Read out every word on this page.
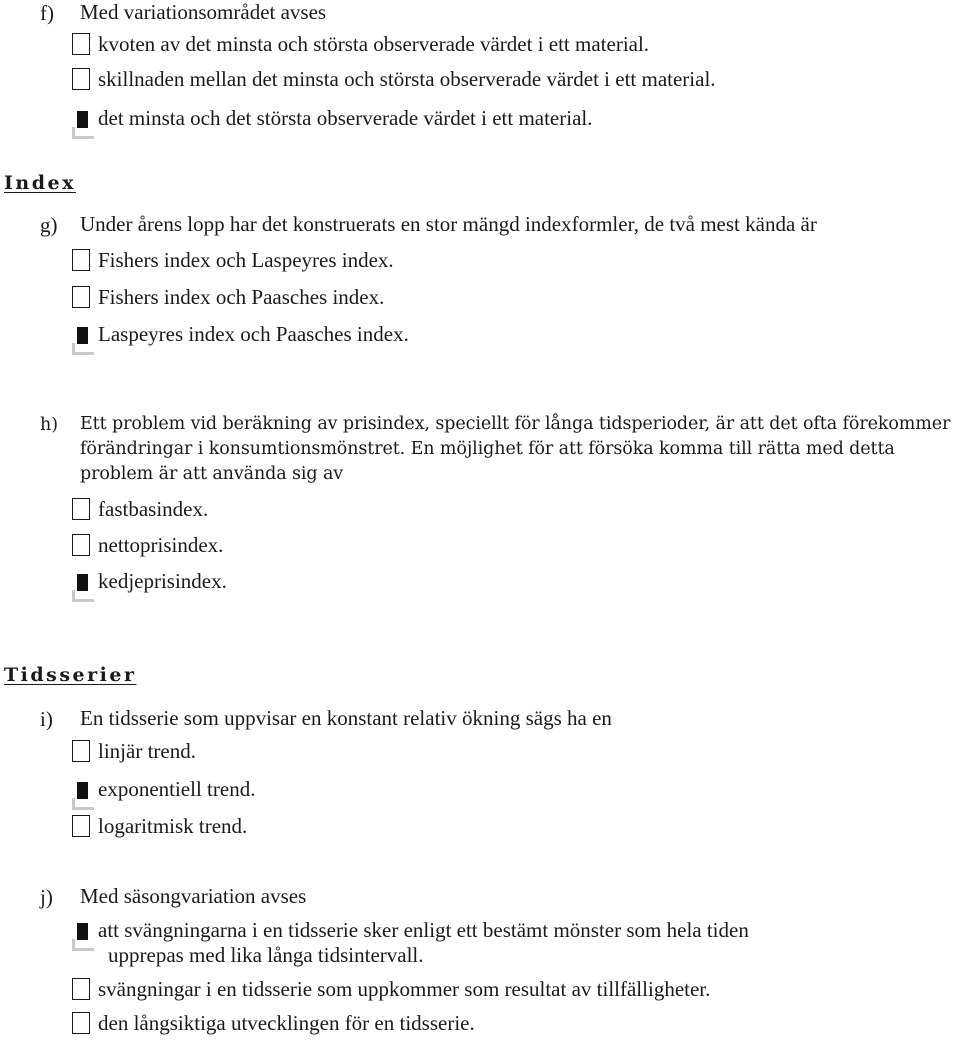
f)	Med variationsområdet avses
kvoten av det minsta och största observerade värdet i ett material.
skillnaden mellan det minsta och största observerade värdet i ett material.
det minsta och det största observerade värdet i ett material.
Index
g)	Under årens lopp har det konstruerats en stor mängd indexformler, de två mest kända är
Fishers index och Laspeyres index.
Fishers index och Paasches index.
Laspeyres index och Paasches index.
h)	Ett problem vid beräkning av prisindex, speciellt för långa tidsperioder, är att det ofta förekommer förändringar i konsumtionsmönstret. En möjlighet för att försöka komma till rätta med detta problem är att använda sig av
fastbasindex.
nettoprisindex.
kedjeprisindex.
Tidsserier
i)	En tidsserie som uppvisar en konstant relativ ökning sägs ha en
linjär trend.
exponentiell trend.
logaritmisk trend.
j)	Med säsongvariation avses
att svängningarna i en tidsserie sker enligt ett bestämt mönster som hela tiden
upprepas med lika långa tidsintervall.
svängningar i en tidsserie som uppkommer som resultat av tillfälligheter.
den långsiktiga utvecklingen för en tidsserie.
